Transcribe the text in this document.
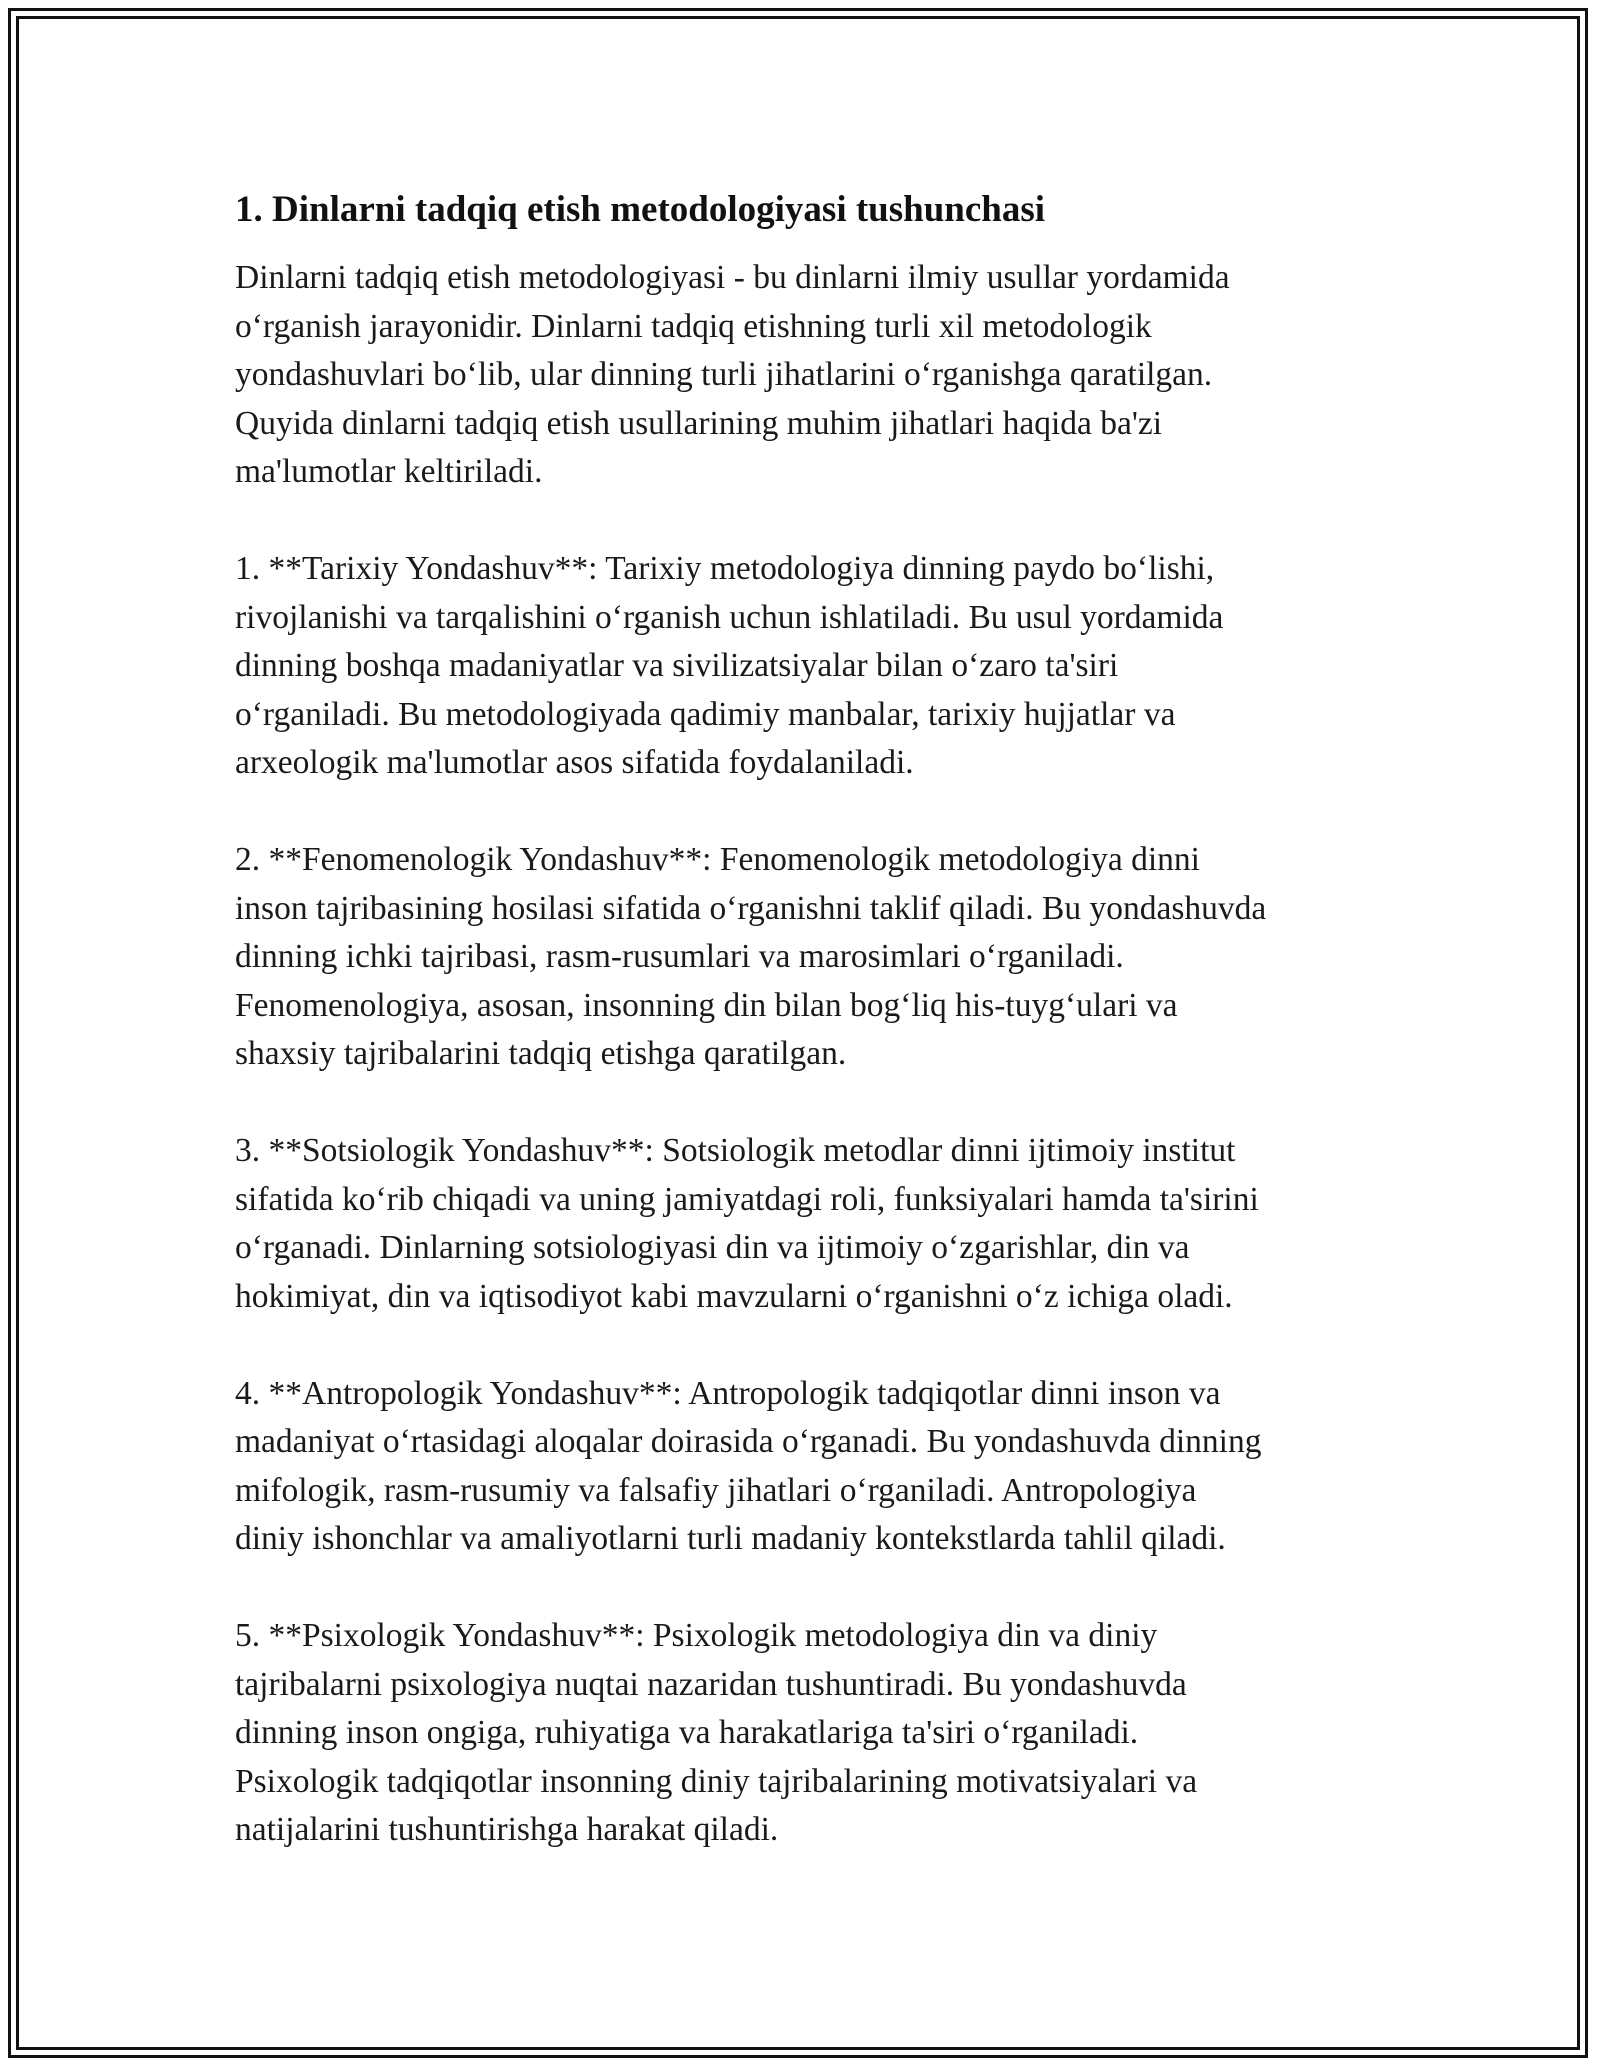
1. Dinlarni tadqiq etish metodologiyasi tushunchasi
Dinlarni tadqiq etish metodologiyasi - bu dinlarni ilmiy usullar yordamida
o‘rganish jarayonidir. Dinlarni tadqiq etishning turli xil metodologik
yondashuvlari bo‘lib, ular dinning turli jihatlarini o‘rganishga qaratilgan.
Quyida dinlarni tadqiq etish usullarining muhim jihatlari haqida ba'zi
ma'lumotlar keltiriladi.
1. **Tarixiy Yondashuv**: Tarixiy metodologiya dinning paydo bo‘lishi,
rivojlanishi va tarqalishini o‘rganish uchun ishlatiladi. Bu usul yordamida
dinning boshqa madaniyatlar va sivilizatsiyalar bilan o‘zaro ta'siri
o‘rganiladi. Bu metodologiyada qadimiy manbalar, tarixiy hujjatlar va
arxeologik ma'lumotlar asos sifatida foydalaniladi.
2. **Fenomenologik Yondashuv**: Fenomenologik metodologiya dinni
inson tajribasining hosilasi sifatida o‘rganishni taklif qiladi. Bu yondashuvda
dinning ichki tajribasi, rasm-rusumlari va marosimlari o‘rganiladi.
Fenomenologiya, asosan, insonning din bilan bog‘liq his-tuyg‘ulari va
shaxsiy tajribalarini tadqiq etishga qaratilgan.
3. **Sotsiologik Yondashuv**: Sotsiologik metodlar dinni ijtimoiy institut
sifatida ko‘rib chiqadi va uning jamiyatdagi roli, funksiyalari hamda ta'sirini
o‘rganadi. Dinlarning sotsiologiyasi din va ijtimoiy o‘zgarishlar, din va
hokimiyat, din va iqtisodiyot kabi mavzularni o‘rganishni o‘z ichiga oladi.
4. **Antropologik Yondashuv**: Antropologik tadqiqotlar dinni inson va
madaniyat o‘rtasidagi aloqalar doirasida o‘rganadi. Bu yondashuvda dinning
mifologik, rasm-rusumiy va falsafiy jihatlari o‘rganiladi. Antropologiya
diniy ishonchlar va amaliyotlarni turli madaniy kontekstlarda tahlil qiladi.
5. **Psixologik Yondashuv**: Psixologik metodologiya din va diniy
tajribalarni psixologiya nuqtai nazaridan tushuntiradi. Bu yondashuvda
dinning inson ongiga, ruhiyatiga va harakatlariga ta'siri o‘rganiladi.
Psixologik tadqiqotlar insonning diniy tajribalarining motivatsiyalari va
natijalarini tushuntirishga harakat qiladi.
